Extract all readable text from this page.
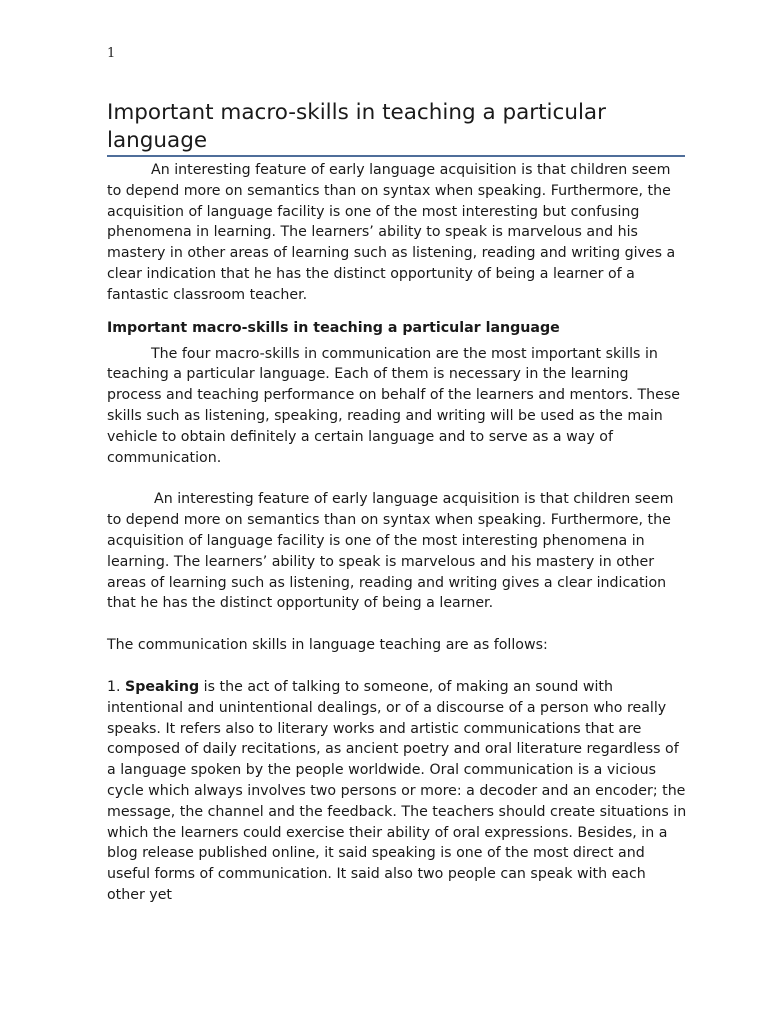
1
Important macro-skills in teaching a particular language

An interesting feature of early language acquisition is that children seem to depend more on semantics than on syntax when speaking. Furthermore, the acquisition of language facility is one of the most interesting but confusing phenomena in learning. The learners’ ability to speak is marvelous and his mastery in other areas of learning such as listening, reading and writing gives a clear indication that he has the distinct opportunity of being a learner of a fantastic classroom teacher.

Important macro-skills in teaching a particular language

The four macro-skills in communication are the most important skills in teaching a particular language. Each of them is necessary in the learning process and teaching performance on behalf of the learners and mentors. These skills such as listening, speaking, reading and writing will be used as the main vehicle to obtain definitely a certain language and to serve as a way of communication.

An interesting feature of early language acquisition is that children seem to depend more on semantics than on syntax when speaking. Furthermore, the acquisition of language facility is one of the most interesting phenomena in learning. The learners’ ability to speak is marvelous and his mastery in other areas of learning such as listening, reading and writing gives a clear indication that he has the distinct opportunity of being a learner.

The communication skills in language teaching are as follows:

1. Speaking is the act of talking to someone, of making an sound with intentional and unintentional dealings, or of a discourse of a person who really speaks. It refers also to literary works and artistic communications that are composed of daily recitations, as ancient poetry and oral literature regardless of a language spoken by the people worldwide. Oral communication is a vicious cycle which always involves two persons or more: a decoder and an encoder; the message, the channel and the feedback. The teachers should create situations in which the learners could exercise their ability of oral expressions. Besides, in a blog release published online, it said speaking is one of the most direct and useful forms of communication. It said also two people can speak with each other yet
